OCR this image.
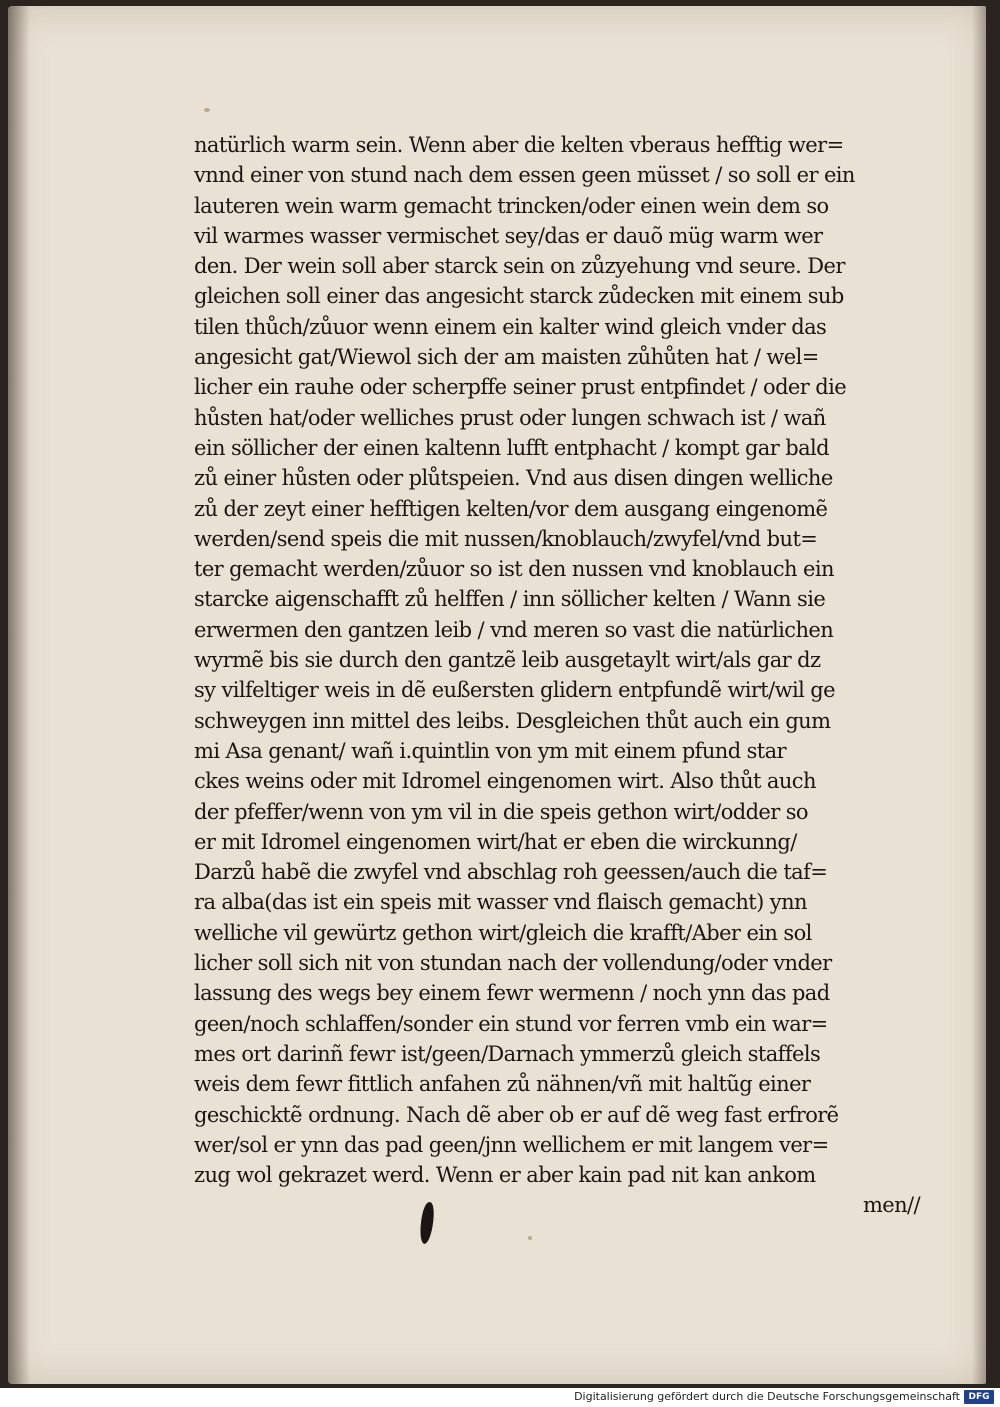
natürlich warm sein. Wenn aber die kelten vberaus hefftig wer=
vnnd einer von stund nach dem essen geen müsset / so soll er ein
lauteren wein warm gemacht trincken/oder einen wein dem so
vil warmes wasser vermischet sey/das er dauõ müg warm wer
den. Der wein soll aber starck sein on zůzyehung vnd seure. Der
gleichen soll einer das angesicht starck zůdecken mit einem sub
tilen thůch/zůuor wenn einem ein kalter wind gleich vnder das
angesicht gat/Wiewol sich der am maisten zůhůten hat / wel=
licher ein rauhe oder scherpffe seiner prust entpfindet / oder die
hůsten hat/oder welliches prust oder lungen schwach ist / wañ
ein söllicher der einen kaltenn lufft entphacht / kompt gar bald
zů einer hůsten oder plůtspeien. Vnd aus disen dingen welliche
zů der zeyt einer hefftigen kelten/vor dem ausgang eingenomẽ
werden/send speis die mit nussen/knoblauch/zwyfel/vnd but=
ter gemacht werden/zůuor so ist den nussen vnd knoblauch ein
starcke aigenschafft zů helffen / inn söllicher kelten / Wann sie
erwermen den gantzen leib / vnd meren so vast die natürlichen
wyrmẽ bis sie durch den gantzẽ leib ausgetaylt wirt/als gar dz
sy vilfeltiger weis in dẽ eußersten glidern entpfundẽ wirt/wil ge
schweygen inn mittel des leibs. Desgleichen thůt auch ein gum
mi Asa genant/ wañ i.quintlin von ym mit einem pfund star
ckes weins oder mit Idromel eingenomen wirt. Also thůt auch
der pfeffer/wenn von ym vil in die speis gethon wirt/odder so
er mit Idromel eingenomen wirt/hat er eben die wirckunng/
Darzů habẽ die zwyfel vnd abschlag roh geessen/auch die taf=
ra alba(das ist ein speis mit wasser vnd flaisch gemacht) ynn
welliche vil gewürtz gethon wirt/gleich die krafft/Aber ein sol
licher soll sich nit von stundan nach der vollendung/oder vnder
lassung des wegs bey einem fewr wermenn / noch ynn das pad
geen/noch schlaffen/sonder ein stund vor ferren vmb ein war=
mes ort darinñ fewr ist/geen/Darnach ymmerzů gleich staffels
weis dem fewr fittlich anfahen zů nähnen/vñ mit haltũg einer
geschicktẽ ordnung. Nach dẽ aber ob er auf dẽ weg fast erfrorẽ
wer/sol er ynn das pad geen/jnn wellichem er mit langem ver=
zug wol gekrazet werd. Wenn er aber kain pad nit kan ankom
men//
Digitalisierung gefördert durch die Deutsche Forschungsgemeinschaft DFG
